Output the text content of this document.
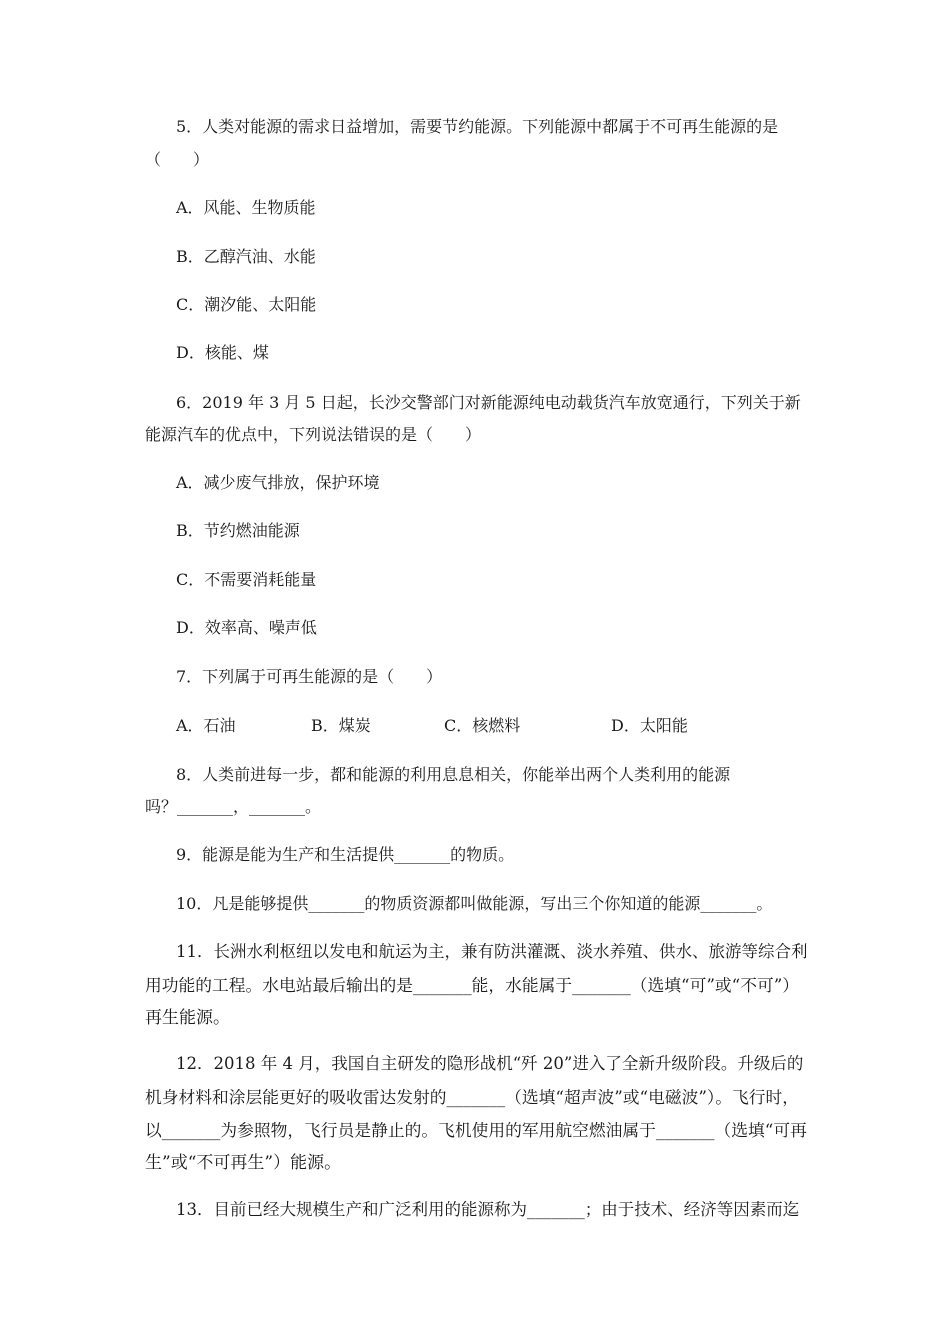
5．人类对能源的需求日益增加，需要节约能源。下列能源中都属于不可再生能源的是
（　　）
A．风能、生物质能
B．乙醇汽油、水能
C．潮汐能、太阳能
D．核能、煤
6．2019 年 3 月 5 日起，长沙交警部门对新能源纯电动载货汽车放宽通行，下列关于新
能源汽车的优点中，下列说法错误的是（　　）
A．减少废气排放，保护环境
B．节约燃油能源
C．不需要消耗能量
D．效率高、噪声低
7．下列属于可再生能源的是（　　）
A．石油	B．煤炭	C．核燃料	D．太阳能
8．人类前进每一步，都和能源的利用息息相关，你能举出两个人类利用的能源
吗？_______，_______。
9．能源是能为生产和生活提供_______的物质。
10．凡是能够提供_______的物质资源都叫做能源，写出三个你知道的能源_______。
11．长洲水利枢纽以发电和航运为主，兼有防洪灌溉、淡水养殖、供水、旅游等综合利
用功能的工程。水电站最后输出的是_______能，水能属于_______（选填“可”或“不可”）
再生能源。
12．2018 年 4 月，我国自主研发的隐形战机“歼 20”进入了全新升级阶段。升级后的
机身材料和涂层能更好的吸收雷达发射的_______（选填“超声波”或“电磁波”）。飞行时，
以_______为参照物，飞行员是静止的。飞机使用的军用航空燃油属于_______（选填“可再
生”或“不可再生”）能源。
13．目前已经大规模生产和广泛利用的能源称为_______；由于技术、经济等因素而迄
